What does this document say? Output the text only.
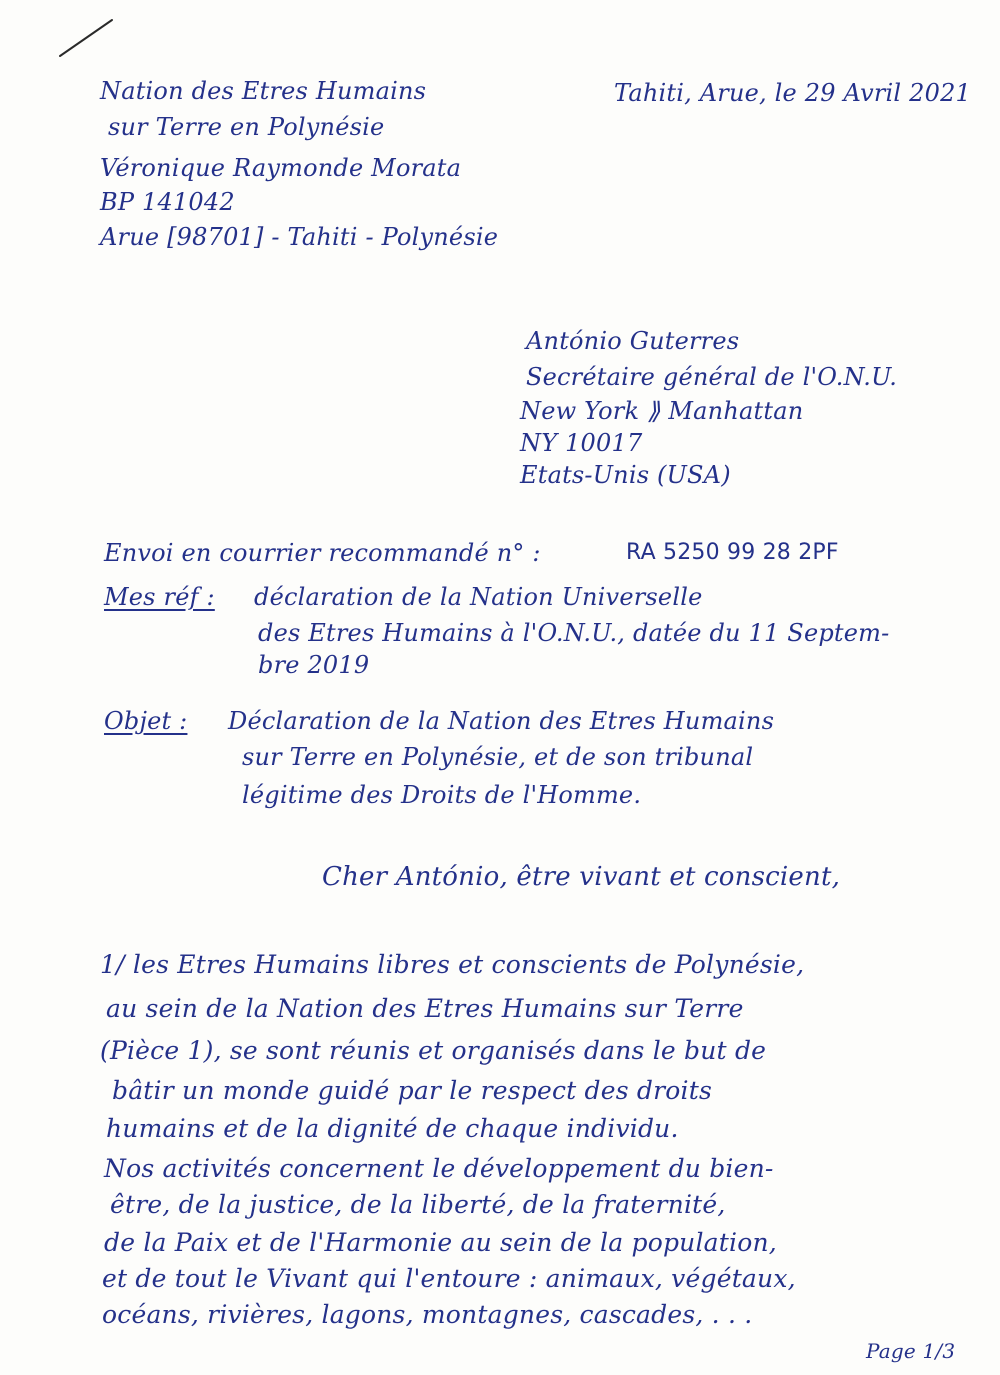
Nation des Etres Humains
sur Terre en Polynésie
Véronique Raymonde Morata
BP 141042
Arue [98701] - Tahiti - Polynésie
Tahiti, Arue, le 29 Avril 2021
António Guterres
Secrétaire général de l'O.N.U.
New York ⟫ Manhattan
NY 10017
Etats-Unis (USA)
Envoi en courrier recommandé n° :	RA 5250 99 28 2PF
Mes réf : déclaration de la Nation Universelle
des Etres Humains à l'O.N.U., datée du 11 Septem-
bre 2019
Objet : Déclaration de la Nation des Etres Humains
sur Terre en Polynésie, et de son tribunal
légitime des Droits de l'Homme.
Cher António, être vivant et conscient,
1/ les Etres Humains libres et conscients de Polynésie,
au sein de la Nation des Etres Humains sur Terre
(Pièce 1), se sont réunis et organisés dans le but de
bâtir un monde guidé par le respect des droits
humains et de la dignité de chaque individu.
Nos activités concernent le développement du bien-
être, de la justice, de la liberté, de la fraternité,
de la Paix et de l'Harmonie au sein de la population,
et de tout le Vivant qui l'entoure : animaux, végétaux,
océans, rivières, lagons, montagnes, cascades, . . .
Page 1/3
